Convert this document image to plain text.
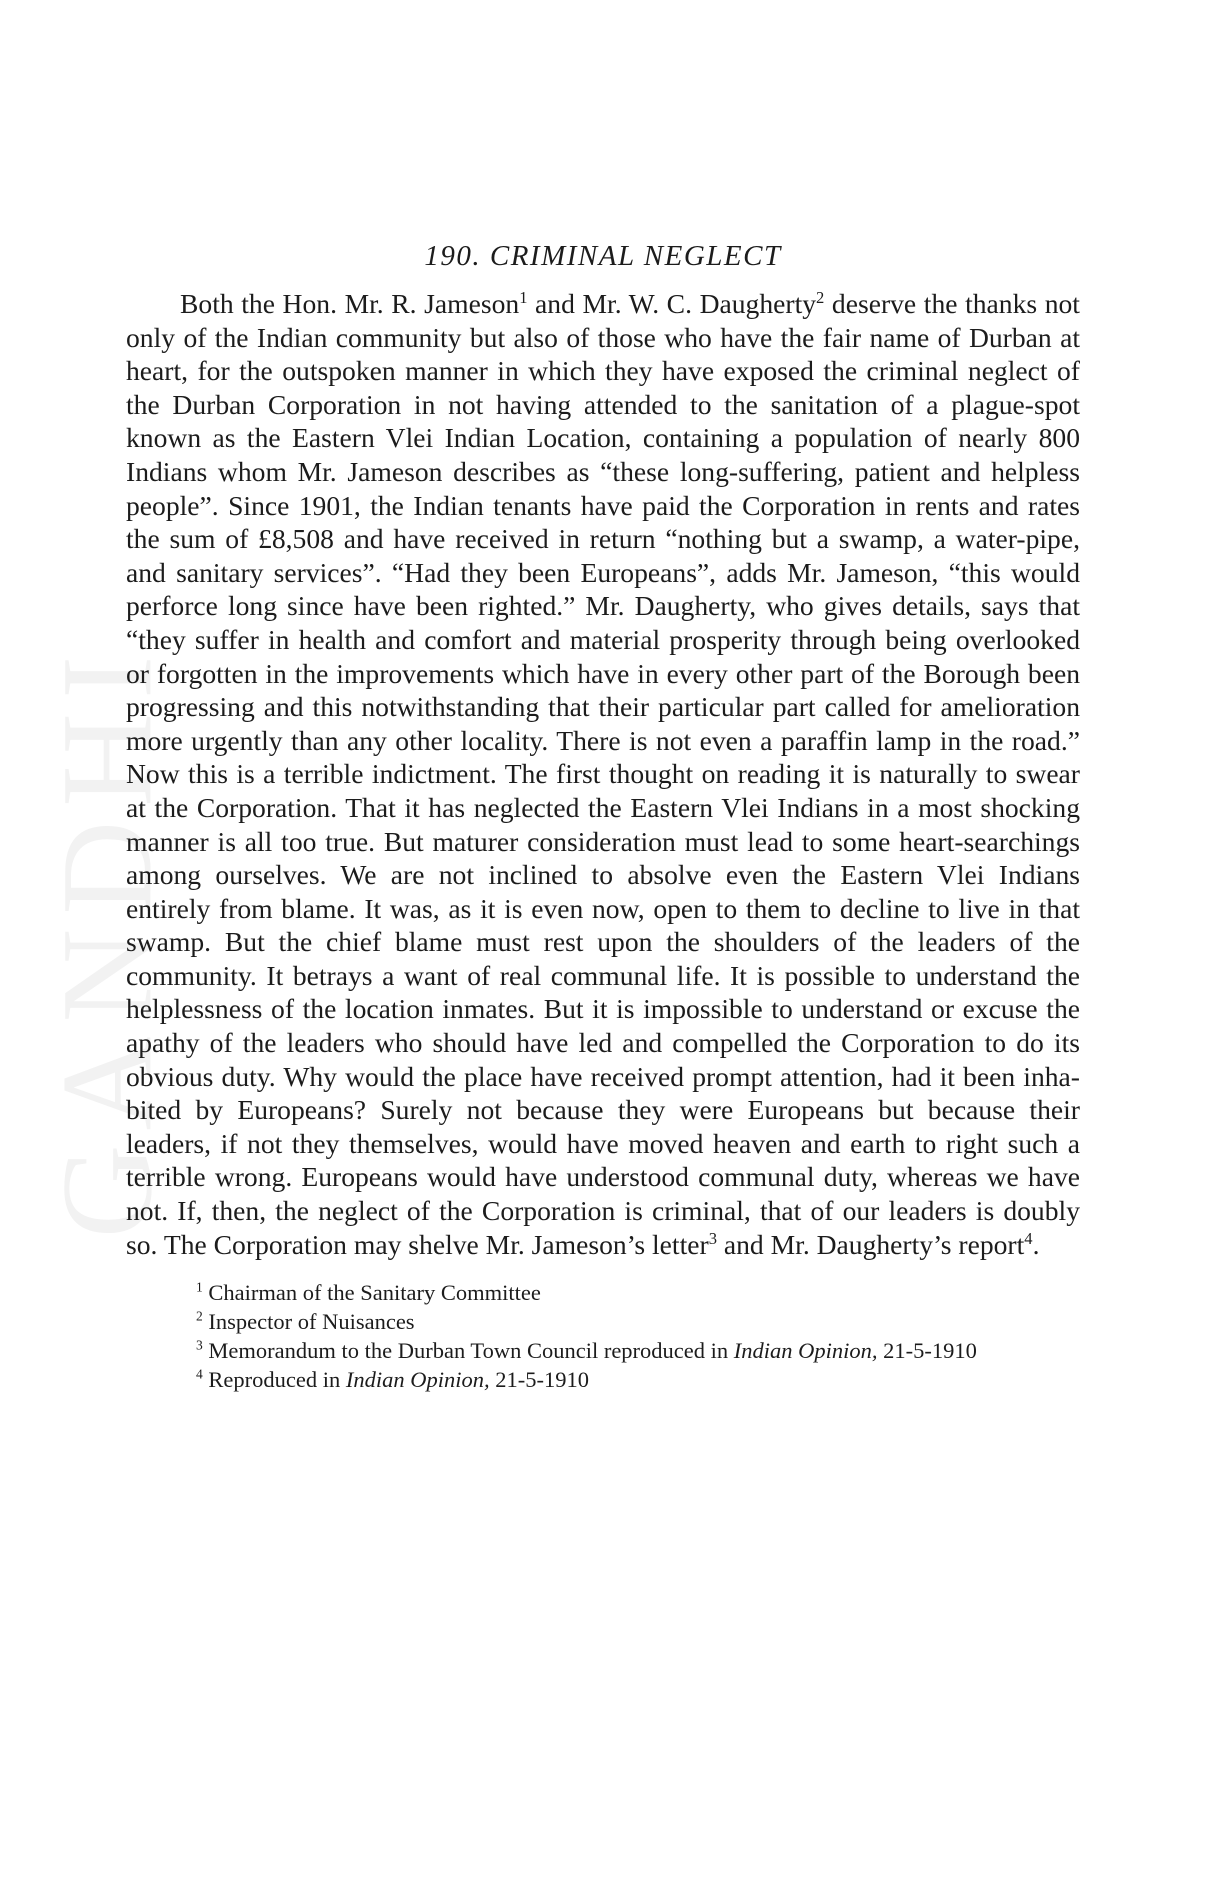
GANDHI
190. CRIMINAL NEGLECT

Both the Hon. Mr. R. Jameson$^1$ and Mr. W. C. Daugherty$^2$ deserve the thanks not only of the Indian community but also of those who have the fair name of Durban at heart, for the outspoken manner in which they have exposed the criminal neglect of the Durban Corporation in not having attended to the sanitation of a plague-spot known as the Eastern Vlei Indian Location, containing a population of nearly 800 Indians whom Mr. Jameson describes as “these long-suffering, patient and helpless people”. Since 1901, the Indian tenants have paid the Corporation in rents and rates the sum of £8,508 and have received in return “nothing but a swamp, a water-pipe, and sanitary services”. “Had they been Europeans”, adds Mr. Jameson, “this would perforce long since have been righted.” Mr. Daugherty, who gives details, says that “they suffer in health and comfort and material prosperity through being overlooked or forgotten in the improvements which have in every other part of the Borough been progressing and this notwithstanding that their particular part called for amelioration more urgently than any other locality. There is not even a paraffin lamp in the road.” Now this is a terrible indictment. The first thought on reading it is naturally to swear at the Corporation. That it has neglected the Eastern Vlei Indians in a most shocking manner is all too true. But maturer consideration must lead to some heart-searchings among ourselves. We are not inclined to absolve even the Eastern Vlei Indians entirely from blame. It was, as it is even now, open to them to decline to live in that swamp. But the chief blame must rest upon the shoulders of the leaders of the community. It betrays a want of real communal life. It is possible to understand the helplessness of the location inmates. But it is impossible to understand or excuse the apathy of the leaders who should have led and compelled the Corporation to do its obvious duty. Why would the place have received prompt attention, had it been inhabited by Europeans? Surely not because they were Europeans but because their leaders, if not they themselves, would have moved heaven and earth to right such a terrible wrong. Europeans would have understood communal duty, whereas we have not. If, then, the neglect of the Corporation is criminal, that of our leaders is doubly so. The Corporation may shelve Mr. Jameson’s letter$^3$ and Mr. Daugherty’s report$^4$.

$^1$ Chairman of the Sanitary Committee

$^2$ Inspector of Nuisances

$^3$ Memorandum to the Durban Town Council reproduced in Indian Opinion, 21-5-1910

$^4$ Reproduced in Indian Opinion, 21-5-1910
